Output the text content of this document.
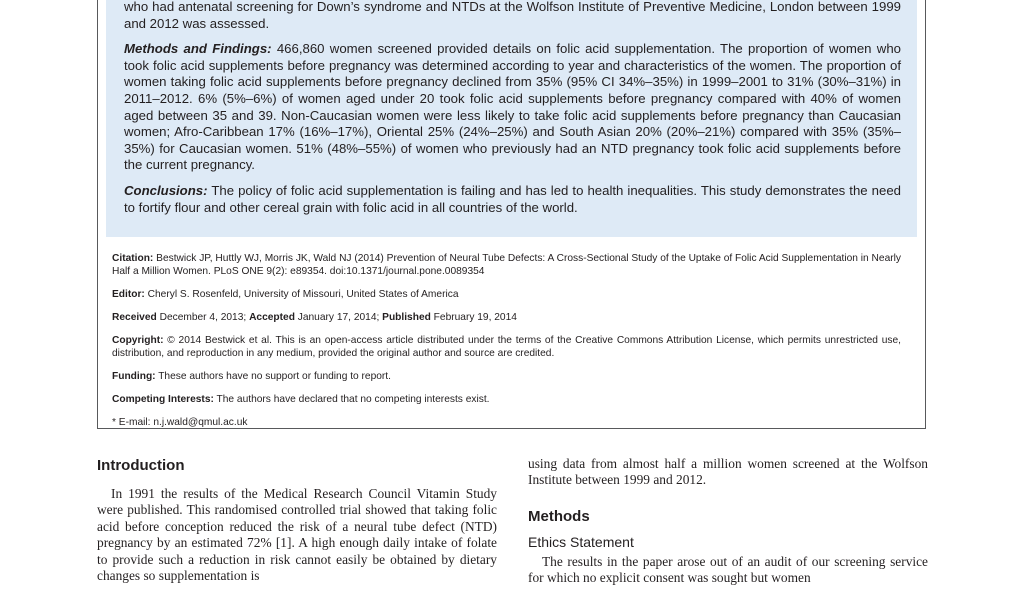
who had antenatal screening for Down’s syndrome and NTDs at the Wolfson Institute of Preventive Medicine, London between 1999 and 2012 was assessed.

Methods and Findings: 466,860 women screened provided details on folic acid supplementation. The proportion of women who took folic acid supplements before pregnancy was determined according to year and characteristics of the women. The proportion of women taking folic acid supplements before pregnancy declined from 35% (95% CI 34%–35%) in 1999–2001 to 31% (30%–31%) in 2011–2012. 6% (5%–6%) of women aged under 20 took folic acid supplements before pregnancy compared with 40% of women aged between 35 and 39. Non-Caucasian women were less likely to take folic acid supplements before pregnancy than Caucasian women; Afro-Caribbean 17% (16%–17%), Oriental 25% (24%–25%) and South Asian 20% (20%–21%) compared with 35% (35%–35%) for Caucasian women. 51% (48%–55%) of women who previously had an NTD pregnancy took folic acid supplements before the current pregnancy.

Conclusions: The policy of folic acid supplementation is failing and has led to health inequalities. This study demonstrates the need to fortify flour and other cereal grain with folic acid in all countries of the world.

Citation: Bestwick JP, Huttly WJ, Morris JK, Wald NJ (2014) Prevention of Neural Tube Defects: A Cross-Sectional Study of the Uptake of Folic Acid Supplementation in Nearly Half a Million Women. PLoS ONE 9(2): e89354. doi:10.1371/journal.pone.0089354

Editor: Cheryl S. Rosenfeld, University of Missouri, United States of America

Received December 4, 2013; Accepted January 17, 2014; Published February 19, 2014

Copyright: © 2014 Bestwick et al. This is an open-access article distributed under the terms of the Creative Commons Attribution License, which permits unrestricted use, distribution, and reproduction in any medium, provided the original author and source are credited.

Funding: These authors have no support or funding to report.

Competing Interests: The authors have declared that no competing interests exist.

* E-mail: n.j.wald@qmul.ac.uk

Introduction

In 1991 the results of the Medical Research Council Vitamin Study were published. This randomised controlled trial showed that taking folic acid before conception reduced the risk of a neural tube defect (NTD) pregnancy by an estimated 72% [1]. A high enough daily intake of folate to provide such a reduction in risk cannot easily be obtained by dietary changes so supplementation is

using data from almost half a million women screened at the Wolfson Institute between 1999 and 2012.

Methods
Ethics Statement

The results in the paper arose out of an audit of our screening service for which no explicit consent was sought but women
